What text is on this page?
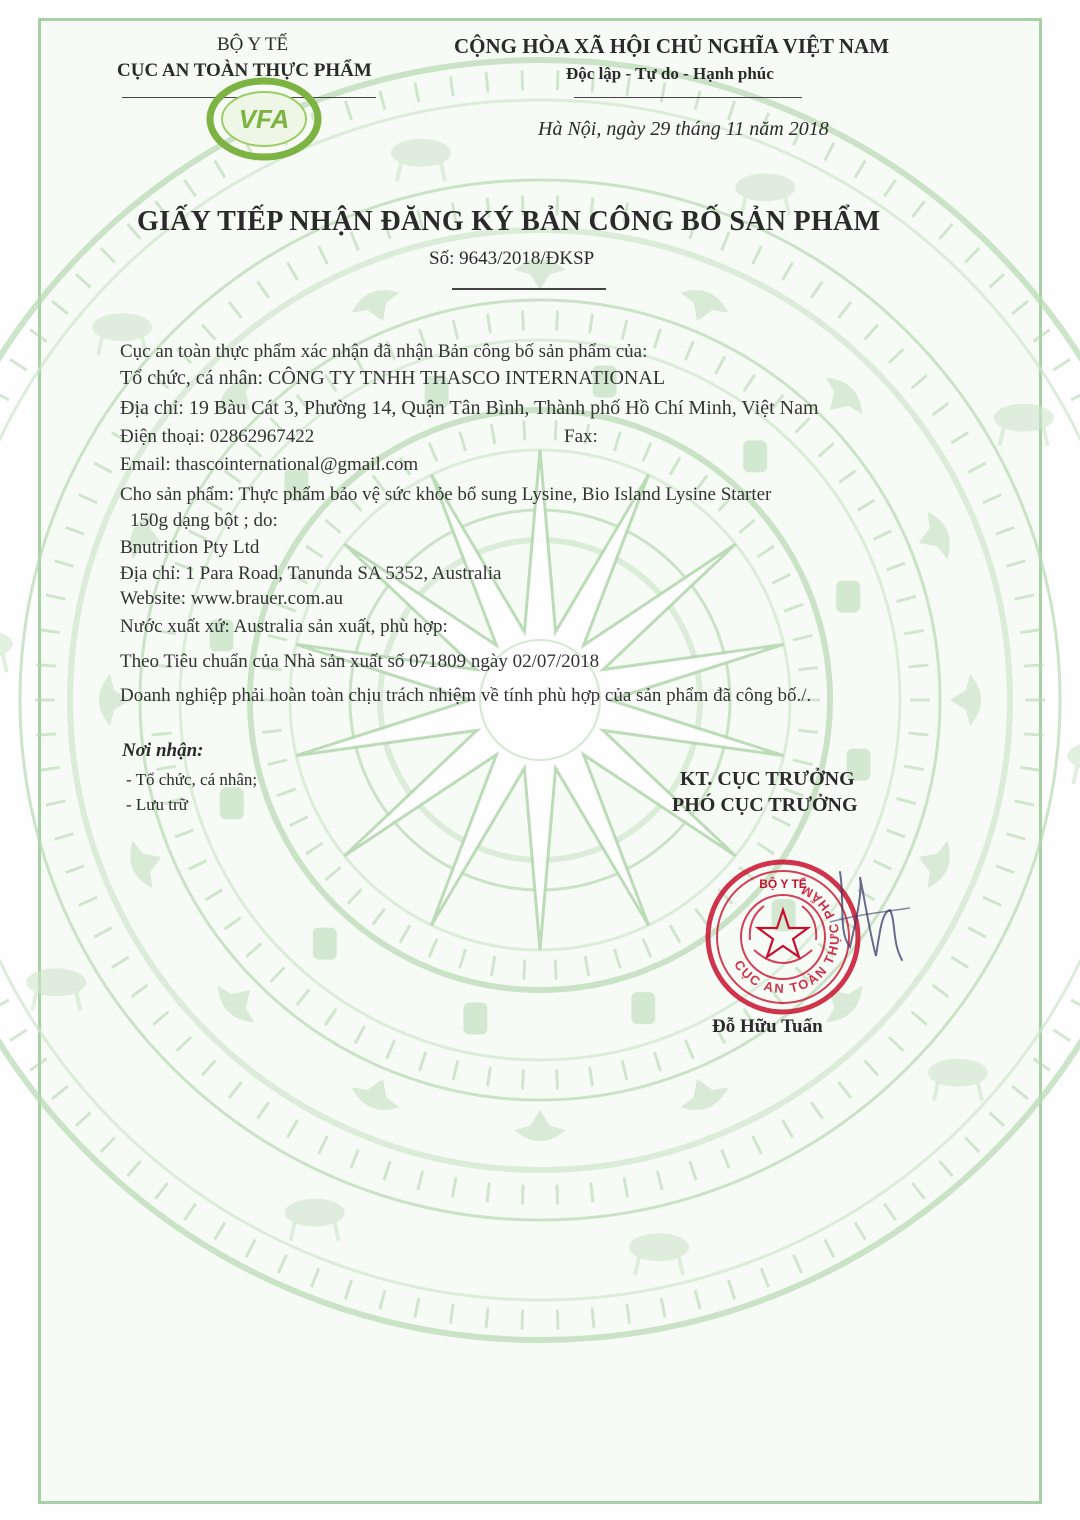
BỘ Y TẾ
CỤC AN TOÀN THỰC PHẨM
VFA
CỘNG HÒA XÃ HỘI CHỦ NGHĨA VIỆT NAM
Độc lập - Tự do - Hạnh phúc
Hà Nội, ngày 29 tháng 11 năm 2018
GIẤY TIẾP NHẬN ĐĂNG KÝ BẢN CÔNG BỐ SẢN PHẨM
Số: 9643/2018/ĐKSP
Cục an toàn thực phẩm xác nhận đã nhận Bản công bố sản phẩm của:
Tổ chức, cá nhân: CÔNG TY TNHH THASCO INTERNATIONAL
Địa chỉ: 19 Bàu Cát 3, Phường 14, Quận Tân Bình, Thành phố Hồ Chí Minh, Việt Nam
Điện thoại: 02862967422	Fax:
Email: thascointernational@gmail.com
Cho sản phẩm: Thực phẩm bảo vệ sức khỏe bổ sung Lysine, Bio Island Lysine Starter
150g dạng bột ; do:
Bnutrition Pty Ltd
Địa chỉ: 1 Para Road, Tanunda SA 5352, Australia
Website: www.brauer.com.au
Nước xuất xứ: Australia sản xuất, phù hợp:
Theo Tiêu chuẩn của Nhà sản xuất số 071809 ngày 02/07/2018
Doanh nghiệp phải hoàn toàn chịu trách nhiệm về tính phù hợp của sản phẩm đã công bố./.
Nơi nhận:
- Tổ chức, cá nhân;
- Lưu trữ
KT. CỤC TRƯỞNG
PHÓ CỤC TRƯỞNG
CỤC AN TOÀN THỰC PHẨM
BỘ Y TẾ
Đỗ Hữu Tuấn
